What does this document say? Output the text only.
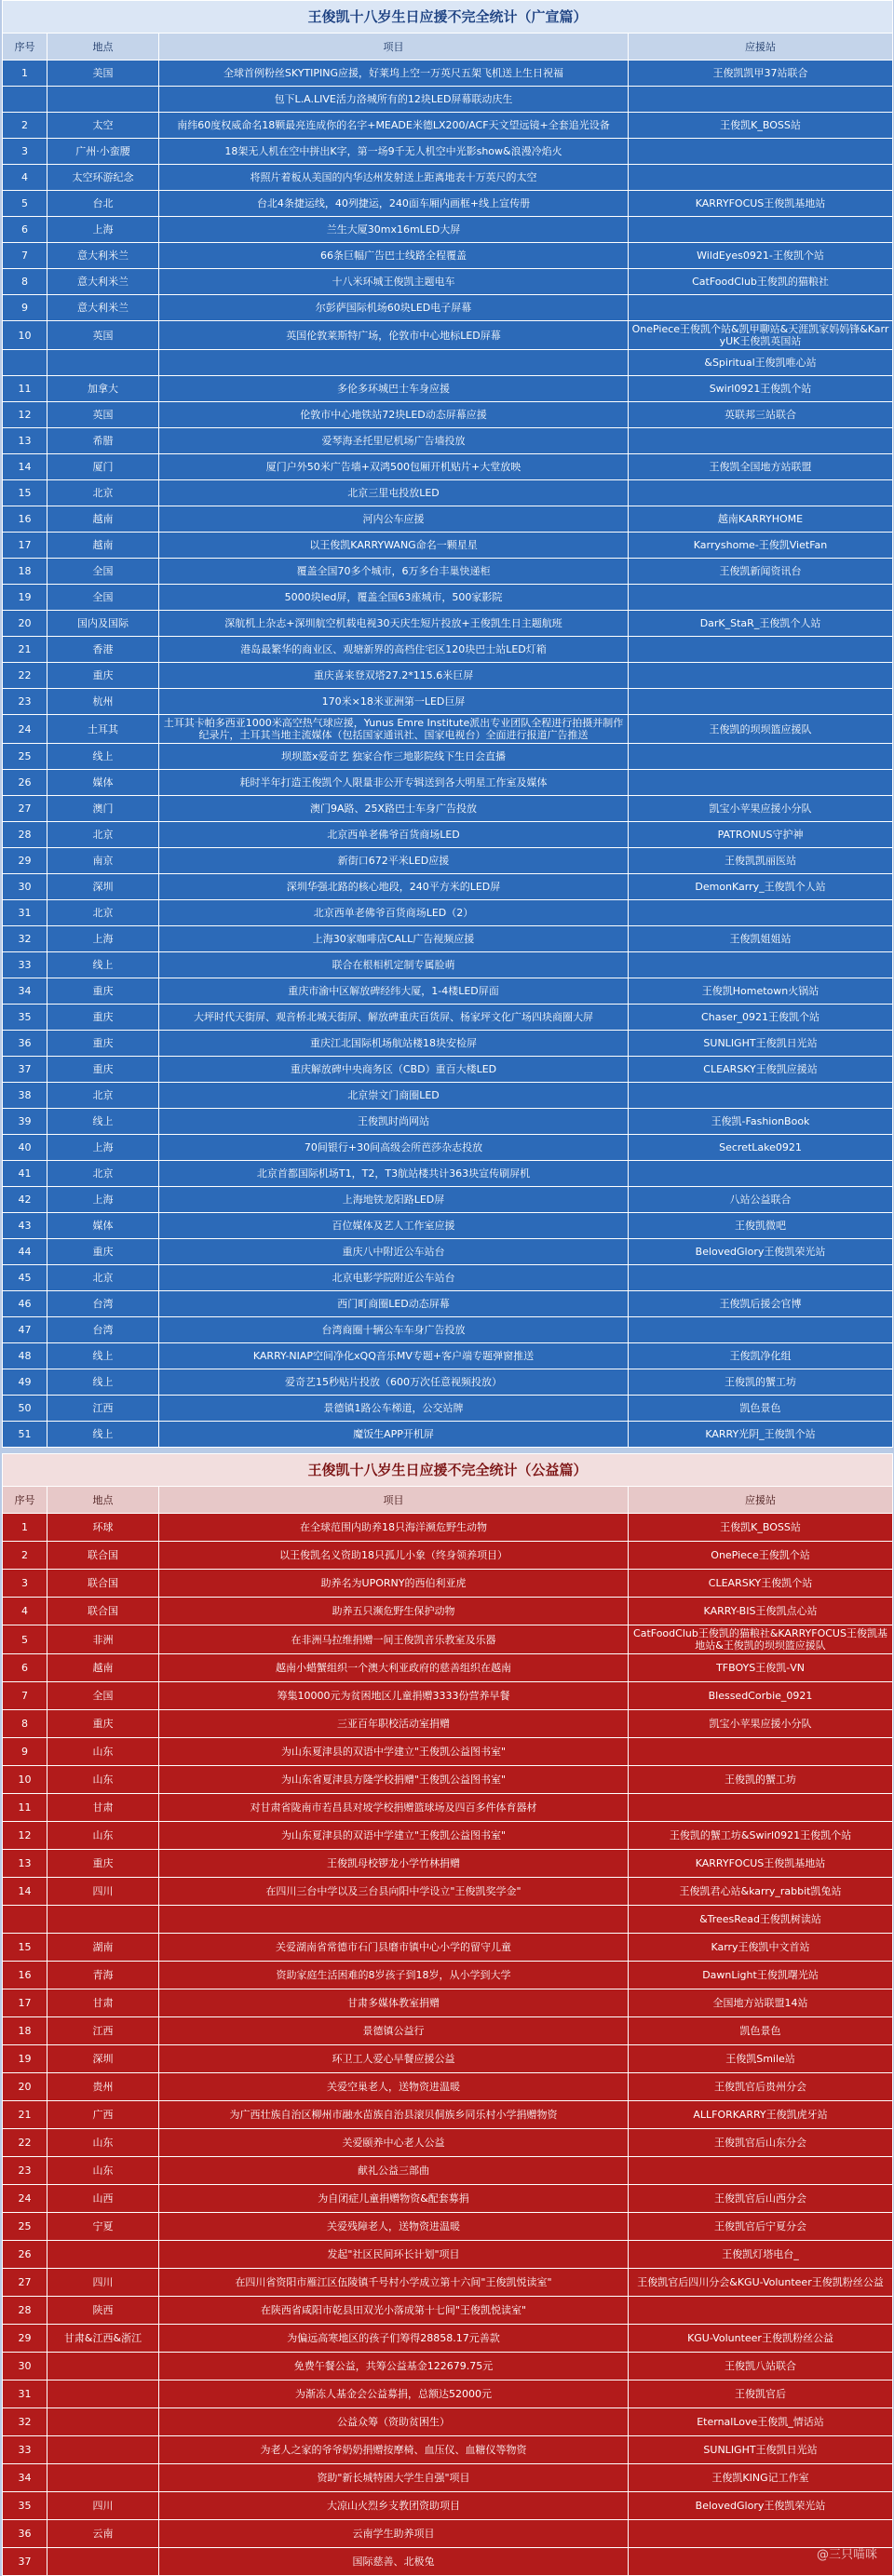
王俊凯十八岁生日应援不完全统计（广宣篇）			
序号	地点	项目	应援站
1	美国	全球首例粉丝SKYTIPING应援，好莱坞上空一万英尺五架飞机送上生日祝福	王俊凯凯甲37站联合
		包下L.A.LIVE活力洛城所有的12块LED屏幕联动庆生	
2	太空	南纬60度权威命名18颗最亮连成你的名字+MEADE米德LX200/ACF天文望远镜+全套追光设备	王俊凯K_BOSS站
3	广州·小蛮腰	18架无人机在空中拼出K字，第一场9千无人机空中光影show&浪漫冷焰火	
4	太空环游纪念	将照片着板从美国的内华达州发射送上距离地表十万英尺的太空	
5	台北	台北4条捷运线，40列捷运，240面车厢内画框+线上宣传册	KARRYFOCUS王俊凯基地站
6	上海	兰生大厦30mx16mLED大屏	
7	意大利米兰	66条巨幅广告巴士线路全程覆盖	WildEyes0921-王俊凯个站
8	意大利米兰	十八米环城王俊凯主题电车	CatFoodClub王俊凯的猫粮社
9	意大利米兰	尔彭萨国际机场60块LED电子屏幕	
10	英国	英国伦敦莱斯特广场，伦敦市中心地标LED屏幕	OnePiece王俊凯个站&凯甲聊站&天涯凯家妈妈锋&KarryUK王俊凯英国站
			&Spiritual王俊凯唯心站
11	加拿大	多伦多环城巴士车身应援	Swirl0921王俊凯个站
12	英国	伦敦市中心地铁站72块LED动态屏幕应援	英联邦三站联合
13	希腊	爱琴海圣托里尼机场广告墙投放	
14	厦门	厦门户外50米广告墙+双鸿500包厢开机贴片+大堂放映	王俊凯全国地方站联盟
15	北京	北京三里屯投放LED	
16	越南	河内公车应援	越南KARRYHOME
17	越南	以王俊凯KARRYWANG命名一颗星星	Karryshome-王俊凯VietFan
18	全国	覆盖全国70多个城市，6万多台丰巢快递柜	王俊凯新闻资讯台
19	全国	5000块led屏，覆盖全国63座城市，500家影院	
20	国内及国际	深航机上杂志+深圳航空机载电视30天庆生短片投放+王俊凯生日主题航班	DarK_StaR_王俊凯个人站
21	香港	港岛最繁华的商业区、观塘新界的高档住宅区120块巴士站LED灯箱	
22	重庆	重庆喜来登双塔27.2*115.6米巨屏	
23	杭州	170米×18米亚洲第一LED巨屏	
24	土耳其	土耳其卡帕多西亚1000米高空热气球应援，Yunus Emre Institute派出专业团队全程进行拍摄并制作纪录片，土耳其当地主流媒体（包括国家通讯社、国家电视台）全面进行报道广告推送	王俊凯的坝坝篮应援队
25	线上	坝坝篮x爱奇艺 独家合作三地影院线下生日会直播	
26	媒体	耗时半年打造王俊凯个人限量非公开专辑送到各大明星工作室及媒体	
27	澳门	澳门9A路、25X路巴士车身广告投放	凯宝小苹果应援小分队
28	北京	北京西单老佛爷百货商场LED	PATRONUS守护神
29	南京	新街口672平米LED应援	王俊凯凯丽医站
30	深圳	深圳华强北路的核心地段，240平方米的LED屏	DemonKarry_王俊凯个人站
31	北京	北京西单老佛爷百货商场LED（2）	
32	上海	上海30家咖啡店CALL广告视频应援	王俊凯姐姐站
33	线上	联合在根相机定制专属脸萌	
34	重庆	重庆市渝中区解放碑经纬大厦，1-4楼LED屏面	王俊凯Hometown火锅站
35	重庆	大坪时代天街屏、观音桥北城天街屏、解放碑重庆百货屏、杨家坪文化广场四块商圈大屏	Chaser_0921王俊凯个站
36	重庆	重庆江北国际机场航站楼18块安检屏	SUNLIGHT王俊凯日光站
37	重庆	重庆解放碑中央商务区（CBD）重百大楼LED	CLEARSKY王俊凯应援站
38	北京	北京崇文门商圈LED	
39	线上	王俊凯时尚网站	王俊凯-FashionBook
40	上海	70间银行+30间高级会所芭莎杂志投放	SecretLake0921
41	北京	北京首都国际机场T1，T2，T3航站楼共计363块宣传刷屏机	
42	上海	上海地铁龙阳路LED屏	八站公益联合
43	媒体	百位媒体及艺人工作室应援	王俊凯微吧
44	重庆	重庆八中附近公车站台	BelovedGlory王俊凯荣光站
45	北京	北京电影学院附近公车站台	
46	台湾	西门町商圈LED动态屏幕	王俊凯后援会官博
47	台湾	台湾商圈十辆公车车身广告投放	
48	线上	KARRY-NIAP空间净化xQQ音乐MV专题+客户端专题弹窗推送	王俊凯净化组
49	线上	爱奇艺15秒贴片投放（600万次任意视频投放）	王俊凯的蟹工坊
50	江西	景德镇1路公车梯道，公交站牌	凯色景色
51	线上	魔饭生APP开机屏	KARRY光阴_王俊凯个站
王俊凯十八岁生日应援不完全统计（公益篇）			
序号	地点	项目	应援站
1	环球	在全球范围内助养18只海洋濒危野生动物	王俊凯K_BOSS站
2	联合国	以王俊凯名义资助18只孤儿小象（终身领养项目）	OnePiece王俊凯个站
3	联合国	助养名为UPORNY的西伯利亚虎	CLEARSKY王俊凯个站
4	联合国	助养五只濒危野生保护动物	KARRY-BIS王俊凯点心站
5	非洲	在非洲马拉维捐赠一间王俊凯音乐教室及乐器	CatFoodClub王俊凯的猫粮社&KARRYFOCUS王俊凯基地站&王俊凯的坝坝篮应援队
6	越南	越南小蜡蟹组织一个澳大利亚政府的慈善组织在越南	TFBOYS王俊凯-VN
7	全国	筹集10000元为贫困地区儿童捐赠3333份营养早餐	BlessedCorbie_0921
8	重庆	三亚百年职校活动室捐赠	凯宝小苹果应援小分队
9	山东	为山东夏津县的双语中学建立"王俊凯公益图书室"	
10	山东	为山东省夏津县方隆学校捐赠"王俊凯公益图书室"	王俊凯的蟹工坊
11	甘肃	对甘肃省陇南市若昌县对坡学校捐赠篮球场及四百多件体育器材	
12	山东	为山东夏津县的双语中学建立"王俊凯公益图书室"	王俊凯的蟹工坊&Swirl0921王俊凯个站
13	重庆	王俊凯母校锣龙小学竹林捐赠	KARRYFOCUS王俊凯基地站
14	四川	在四川三台中学以及三台县向阳中学设立"王俊凯奖学金"	王俊凯君心站&karry_rabbit凯兔站
			&TreesRead王俊凯树读站
15	湖南	关爱湖南省常德市石门县磨市镇中心小学的留守儿童	Karry王俊凯中文首站
16	青海	资助家庭生活困难的8岁孩子到18岁，从小学到大学	DawnLight王俊凯曙光站
17	甘肃	甘肃多媒体教室捐赠	全国地方站联盟14站
18	江西	景德镇公益行	凯色景色
19	深圳	环卫工人爱心早餐应援公益	王俊凯Smile站
20	贵州	关爱空巢老人，送物资进温暖	王俊凯官后贵州分会
21	广西	为广西壮族自治区柳州市融水苗族自治县滚贝侗族乡同乐村小学捐赠物资	ALLFORKARRY王俊凯虎牙站
22	山东	关爱颐养中心老人公益	王俊凯官后山东分会
23	山东	献礼公益三部曲	
24	山西	为自闭症儿童捐赠物资&配套募捐	王俊凯官后山西分会
25	宁夏	关爱残障老人，送物资进温暖	王俊凯官后宁夏分会
26		发起"社区民间环长计划"项目	王俊凯灯塔电台_
27	四川	在四川省资阳市雁江区伍陵镇千号村小学成立第十六间"王俊凯悦读室"	王俊凯官后四川分会&KGU-Volunteer王俊凯粉丝公益
28	陕西	在陕西省咸阳市乾县田双光小落成第十七间"王俊凯悦读室"	
29	甘肃&江西&浙江	为偏远高寒地区的孩子们筹得28858.17元善款	KGU-Volunteer王俊凯粉丝公益
30		免费午餐公益，共筹公益基金122679.75元	王俊凯八站联合
31		为渐冻人基金会公益募捐，总额达52000元	王俊凯官后
32		公益众筹（资助贫困生）	EternalLove王俊凯_情话站
33		为老人之家的爷爷奶奶捐赠按摩椅、血压仪、血糖仪等物资	SUNLIGHT王俊凯日光站
34		资助"新长城特困大学生自强"项目	王俊凯KING记工作室
35	四川	大凉山火烈乡支教团资助项目	BelovedGlory王俊凯荣光站
36	云南	云南学生助养项目	
37		国际慈善、北极兔		@三只喵咪
